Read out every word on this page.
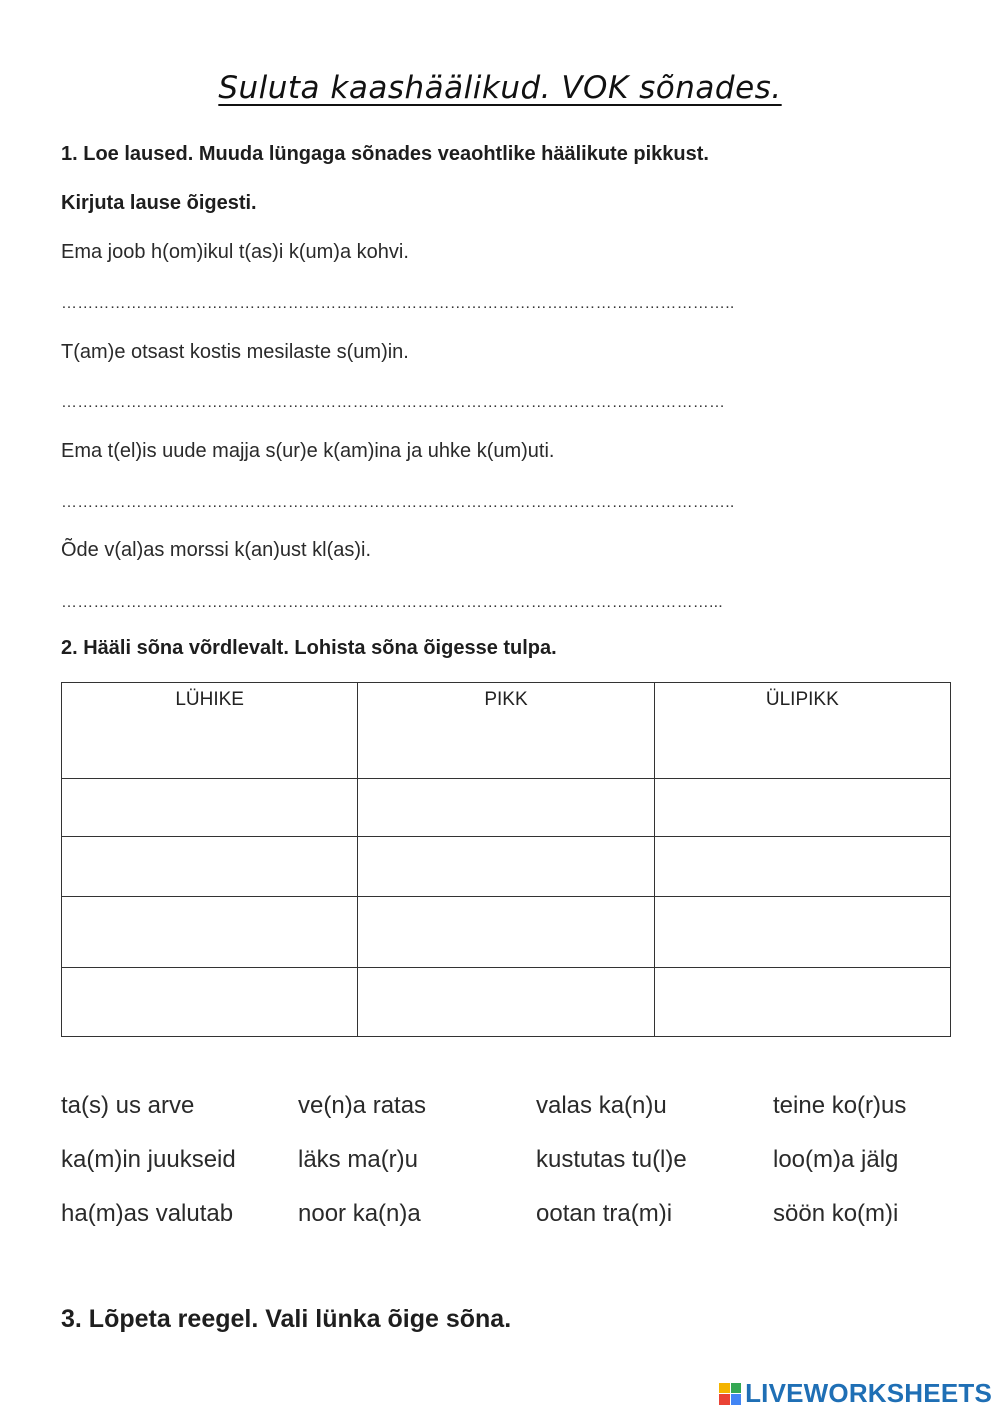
Suluta kaashäälikud. VOK sõnades.
1. Loe laused. Muuda lüngaga sõnades veaohtlike häälikute pikkust.
Kirjuta lause õigesti.
Ema joob h(om)ikul t(as)i k(um)a kohvi.
……………………………………………………………………………………………………………..
T(am)e otsast kostis mesilaste s(um)in.
……………………………………………………………………………………………………………
Ema t(el)is uude majja s(ur)e k(am)ina ja uhke k(um)uti.
……………………………………………………………………………………………………………..
Õde v(al)as morssi k(an)ust kl(as)i.
…………………………………………………………………………………………………………...
2. Hääli sõna võrdlevalt. Lohista sõna õigesse tulpa.
LÜHIKE	PIKK	ÜLIPIKK

ta(s) us arve	ve(n)a ratas	valas ka(n)u	teine ko(r)us
ka(m)in juukseid	läks ma(r)u	kustutas tu(l)e	loo(m)a jälg
ha(m)as valutab	noor ka(n)a	ootan tra(m)i	söön ko(m)i
3. Lõpeta reegel. Vali lünka õige sõna.
LIVEWORKSHEETS
